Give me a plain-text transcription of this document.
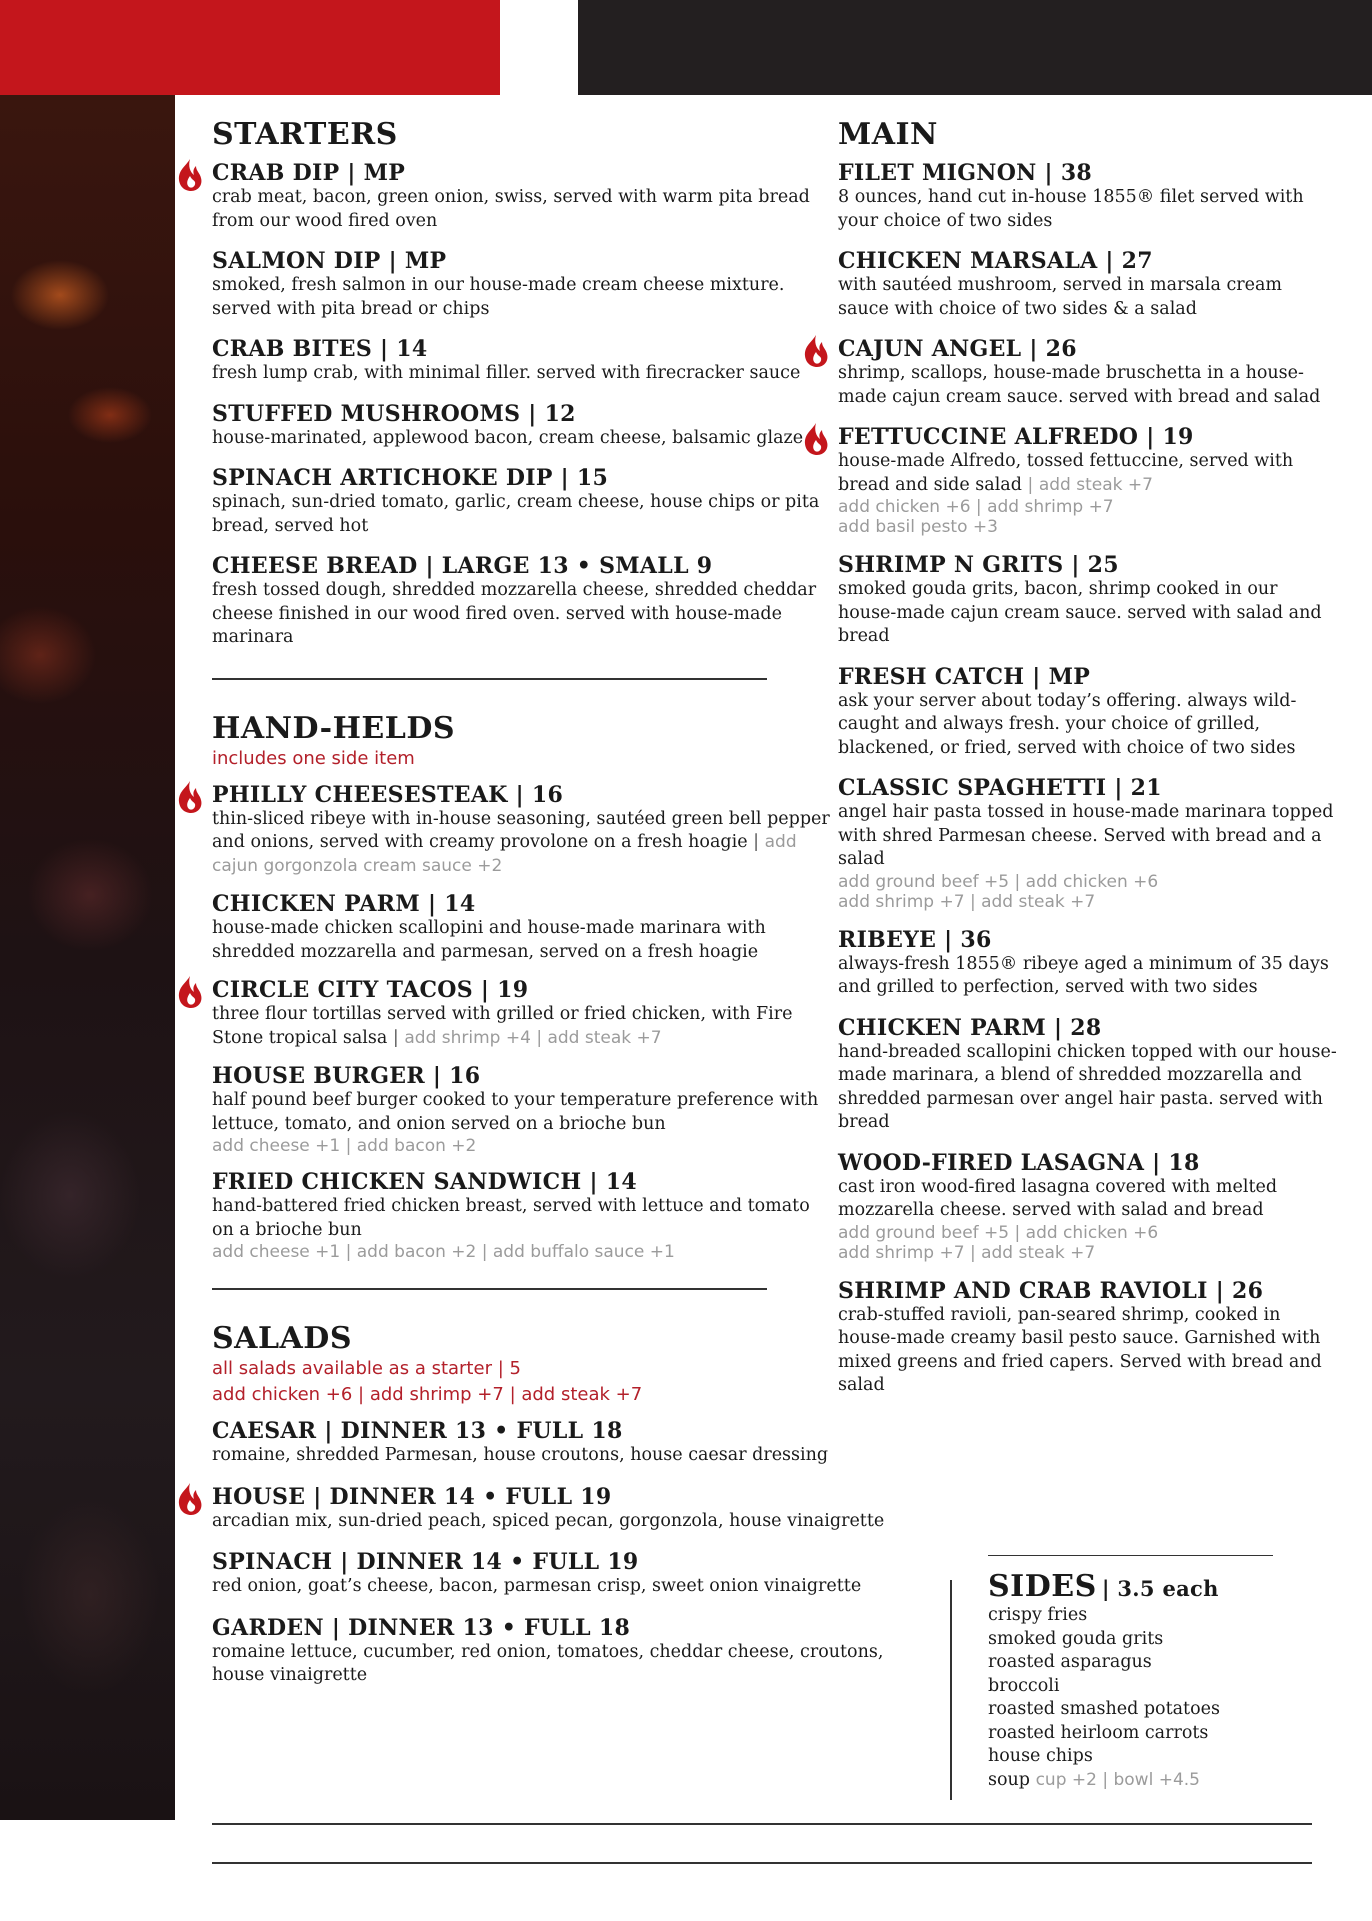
STARTERS
CRAB DIP | MP
crab meat, bacon, green onion, swiss, served with warm pita bread from our wood fired oven
SALMON DIP | MP
smoked, fresh salmon in our house-made cream cheese mixture. served with pita bread or chips
CRAB BITES | 14
fresh lump crab, with minimal filler. served with firecracker sauce
STUFFED MUSHROOMS | 12
house-marinated, applewood bacon, cream cheese, balsamic glaze
SPINACH ARTICHOKE DIP | 15
spinach, sun-dried tomato, garlic, cream cheese, house chips or pita bread, served hot
CHEESE BREAD | LARGE 13 • SMALL 9
fresh tossed dough, shredded mozzarella cheese, shredded cheddar cheese finished in our wood fired oven. served with house-made marinara
HAND-HELDS
includes one side item
PHILLY CHEESESTEAK | 16
thin-sliced ribeye with in-house seasoning, sautéed green bell pepper and onions, served with creamy provolone on a fresh hoagie | add cajun gorgonzola cream sauce +2
CHICKEN PARM | 14
house-made chicken scallopini and house-made marinara with shredded mozzarella and parmesan, served on a fresh hoagie
CIRCLE CITY TACOS | 19
three flour tortillas served with grilled or fried chicken, with Fire Stone tropical salsa | add shrimp +4 | add steak +7
HOUSE BURGER | 16
half pound beef burger cooked to your temperature preference with lettuce, tomato, and onion served on a brioche bun
add cheese +1 | add bacon +2
FRIED CHICKEN SANDWICH | 14
hand-battered fried chicken breast, served with lettuce and tomato on a brioche bun
add cheese +1 | add bacon +2 | add buffalo sauce +1
SALADS
all salads available as a starter | 5
add chicken +6 | add shrimp +7 | add steak +7
CAESAR | DINNER 13 • FULL 18
romaine, shredded Parmesan, house croutons, house caesar dressing
HOUSE | DINNER 14 • FULL 19
arcadian mix, sun-dried peach, spiced pecan, gorgonzola, house vinaigrette
SPINACH | DINNER 14 • FULL 19
red onion, goat’s cheese, bacon, parmesan crisp, sweet onion vinaigrette
GARDEN | DINNER 13 • FULL 18
romaine lettuce, cucumber, red onion, tomatoes, cheddar cheese, croutons, house vinaigrette
MAIN
FILET MIGNON | 38
8 ounces, hand cut in-house 1855® filet served with your choice of two sides
CHICKEN MARSALA | 27
with sautéed mushroom, served in marsala cream sauce with choice of two sides & a salad
CAJUN ANGEL | 26
shrimp, scallops, house-made bruschetta in a house-made cajun cream sauce. served with bread and salad
FETTUCCINE ALFREDO | 19
house-made Alfredo, tossed fettuccine, served with bread and side salad | add steak +7
add chicken +6 | add shrimp +7
add basil pesto +3
SHRIMP N GRITS | 25
smoked gouda grits, bacon, shrimp cooked in our house-made cajun cream sauce. served with salad and bread
FRESH CATCH | MP
ask your server about today’s offering. always wild-caught and always fresh. your choice of grilled, blackened, or fried, served with choice of two sides
CLASSIC SPAGHETTI | 21
angel hair pasta tossed in house-made marinara topped with shred Parmesan cheese. Served with bread and a salad
add ground beef +5 | add chicken +6
add shrimp +7 | add steak +7
RIBEYE | 36
always-fresh 1855® ribeye aged a minimum of 35 days and grilled to perfection, served with two sides
CHICKEN PARM | 28
hand-breaded scallopini chicken topped with our house-made marinara, a blend of shredded mozzarella and shredded parmesan over angel hair pasta. served with bread
WOOD-FIRED LASAGNA | 18
cast iron wood-fired lasagna covered with melted mozzarella cheese. served with salad and bread
add ground beef +5 | add chicken +6
add shrimp +7 | add steak +7
SHRIMP AND CRAB RAVIOLI | 26
crab-stuffed ravioli, pan-seared shrimp, cooked in house-made creamy basil pesto sauce. Garnished with mixed greens and fried capers. Served with bread and salad
SIDES | 3.5 each
crispy fries
smoked gouda grits
roasted asparagus
broccoli
roasted smashed potatoes
roasted heirloom carrots
house chips
soup cup +2 | bowl +4.5
